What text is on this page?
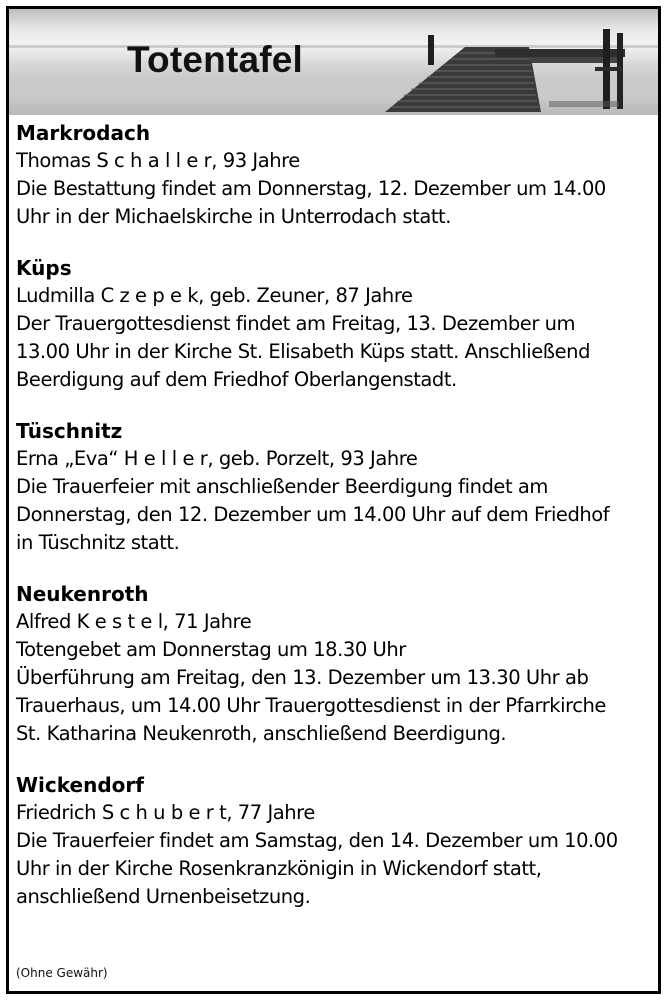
Totentafel
Markrodach
Thomas S c h a l l e r, 93 Jahre
Die Bestattung findet am Donnerstag, 12. Dezember um 14.00
Uhr in der Michaelskirche in Unterrodach statt.
Küps
Ludmilla C z e p e k, geb. Zeuner, 87 Jahre
Der Trauergottesdienst findet am Freitag, 13. Dezember um
13.00 Uhr in der Kirche St. Elisabeth Küps statt. Anschließend
Beerdigung auf dem Friedhof Oberlangenstadt.
Tüschnitz
Erna „Eva“ H e l l e r, geb. Porzelt, 93 Jahre
Die Trauerfeier mit anschließender Beerdigung findet am
Donnerstag, den 12. Dezember um 14.00 Uhr auf dem Friedhof
in Tüschnitz statt.
Neukenroth
Alfred K e s t e l, 71 Jahre
Totengebet am Donnerstag um 18.30 Uhr
Überführung am Freitag, den 13. Dezember um 13.30 Uhr ab
Trauerhaus, um 14.00 Uhr Trauergottesdienst in der Pfarrkirche
St. Katharina Neukenroth, anschließend Beerdigung.
Wickendorf
Friedrich S c h u b e r t, 77 Jahre
Die Trauerfeier findet am Samstag, den 14. Dezember um 10.00
Uhr in der Kirche Rosenkranzkönigin in Wickendorf statt,
anschließend Urnenbeisetzung.
(Ohne Gewähr)
